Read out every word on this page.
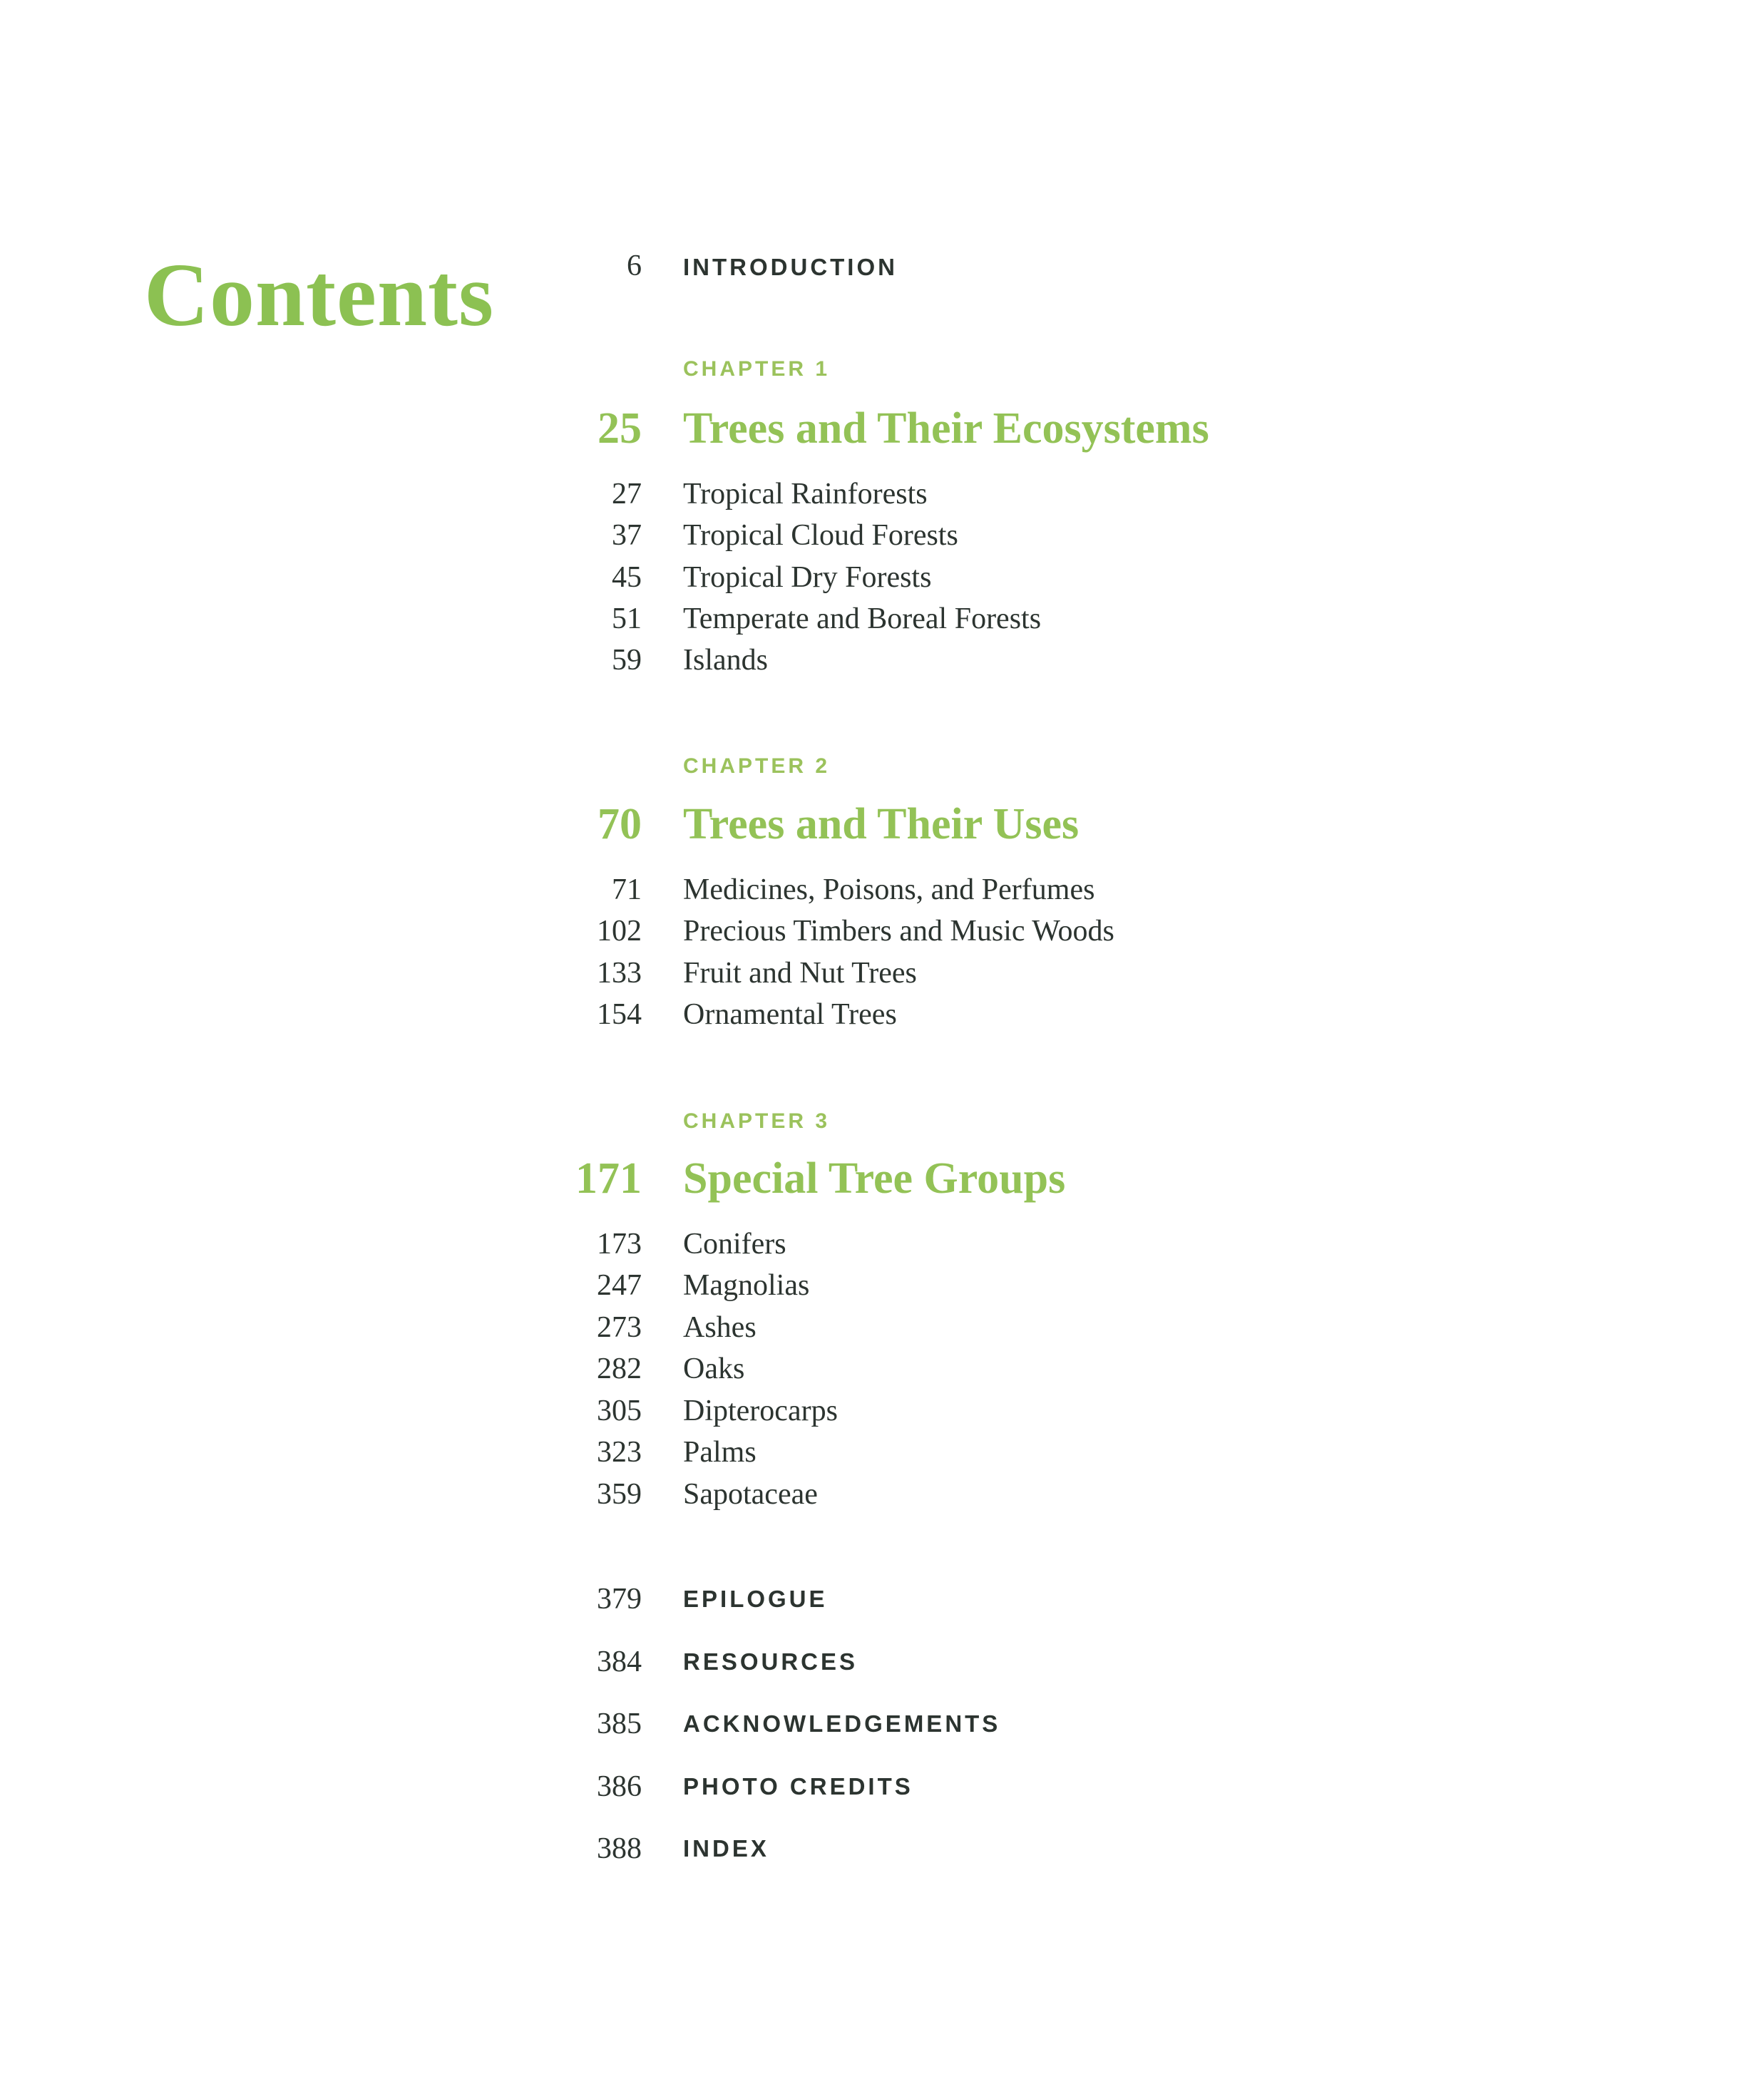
Contents	6 INTRODUCTION
CHAPTER 1
25 Trees and Their Ecosystems
27 Tropical Rainforests
37 Tropical Cloud Forests
45 Tropical Dry Forests
51 Temperate and Boreal Forests
59 Islands
CHAPTER 2
70 Trees and Their Uses
71 Medicines, Poisons, and Perfumes
102 Precious Timbers and Music Woods
133 Fruit and Nut Trees
154 Ornamental Trees
CHAPTER 3
171 Special Tree Groups
173 Conifers
247 Magnolias
273 Ashes
282 Oaks
305 Dipterocarps
323 Palms
359 Sapotaceae
379 EPILOGUE
384 RESOURCES
385 ACKNOWLEDGEMENTS
386 PHOTO CREDITS
388 INDEX
